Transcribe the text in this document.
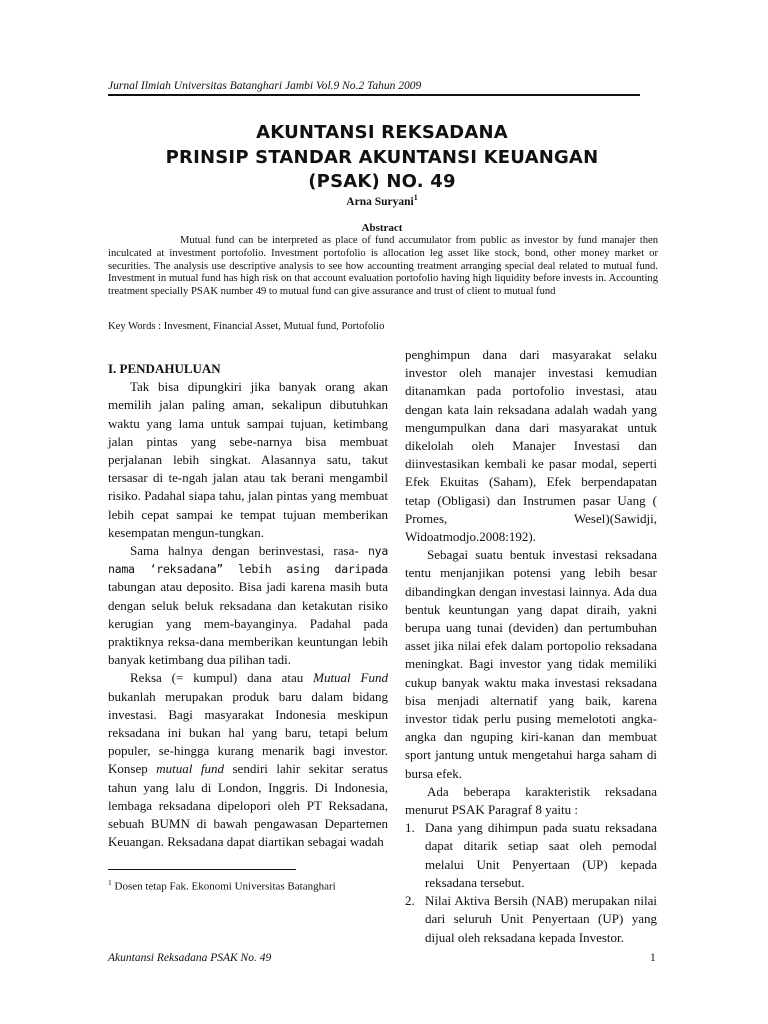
Jurnal Ilmiah Universitas Batanghari Jambi Vol.9 No.2 Tahun 2009
AKUNTANSI REKSADANA
PRINSIP STANDAR AKUNTANSI KEUANGAN
(PSAK) NO. 49
Arna Suryani$^1$
Abstract

Mutual fund can be interpreted as place of fund accumulator from public as investor by fund manajer then inculcated at investment portofolio. Investment portofolio is allocation leg asset like stock, bond, other money market or securities. The analysis use descriptive analysis to see how accounting treatment arranging special deal related to mutual fund. Investment in mutual fund has high risk on that account evaluation portofolio having high liquidity before invests in. Accounting treatment specially PSAK number 49 to mutual fund can give assurance and trust of client to mutual fund

Key Words : Invesment, Financial Asset, Mutual fund, Portofolio

I. PENDAHULUAN

Tak bisa dipungkiri jika banyak orang akan memilih jalan paling aman, sekalipun dibutuhkan waktu yang lama untuk sampai tujuan, ketimbang jalan pintas yang sebe-narnya bisa membuat perjalanan lebih singkat. Alasannya satu, takut tersasar di te-ngah jalan atau tak berani mengambil risiko. Padahal siapa tahu, jalan pintas yang membuat lebih cepat sampai ke tempat tujuan memberikan kesempatan mengun-tungkan.

Sama halnya dengan berinvestasi, rasa- nya nama ‘reksadana” lebih asing daripada tabungan atau deposito. Bisa jadi karena masih buta dengan seluk beluk reksadana dan ketakutan risiko kerugian yang mem-bayanginya. Padahal pada praktiknya reksa-dana memberikan keuntungan lebih banyak ketimbang dua pilihan tadi.

Reksa (= kumpul) dana atau Mutual Fund bukanlah merupakan produk baru dalam bidang investasi. Bagi masyarakat Indonesia meskipun reksadana ini bukan hal yang baru, tetapi belum populer, se-hingga kurang menarik bagi investor. Konsep mutual fund sendiri lahir sekitar seratus tahun yang lalu di London, Inggris. Di Indonesia, lembaga reksadana dipelopori oleh PT Reksadana, sebuah BUMN di bawah pengawasan Departemen Keuangan. Reksadana dapat diartikan sebagai wadah

penghimpun dana dari masyarakat selaku investor oleh manajer investasi kemudian ditanamkan pada portofolio investasi, atau dengan kata lain reksadana adalah wadah yang mengumpulkan dana dari masyarakat untuk dikelolah oleh Manajer Investasi dan diinvestasikan kembali ke pasar modal, seperti Efek Ekuitas (Saham), Efek berpendapatan tetap (Obligasi) dan Instrumen pasar Uang ( Promes, Wesel)(Sawidji, Widoatmodjo.2008:192).

Sebagai suatu bentuk investasi reksadana tentu menjanjikan potensi yang lebih besar dibandingkan dengan investasi lainnya. Ada dua bentuk keuntungan yang dapat diraih, yakni berupa uang tunai (deviden) dan pertumbuhan asset jika nilai efek dalam portopolio reksadana meningkat. Bagi investor yang tidak memiliki cukup banyak waktu maka investasi reksadana bisa menjadi alternatif yang baik, karena investor tidak perlu pusing memelototi angka-angka dan nguping kiri-kanan dan membuat sport jantung untuk mengetahui harga saham di bursa efek.

Ada beberapa karakteristik reksadana menurut PSAK Paragraf 8 yaitu :

1. Dana yang dihimpun pada suatu reksadana dapat ditarik setiap saat oleh pemodal melalui Unit Penyertaan (UP) kepada reksadana tersebut.
2. Nilai Aktiva Bersih (NAB) merupakan nilai dari seluruh Unit Penyertaan (UP) yang dijual oleh reksadana kepada Investor.
$^1$ Dosen tetap Fak. Ekonomi Universitas Batanghari
Akuntansi Reksadana PSAK No. 49	1
